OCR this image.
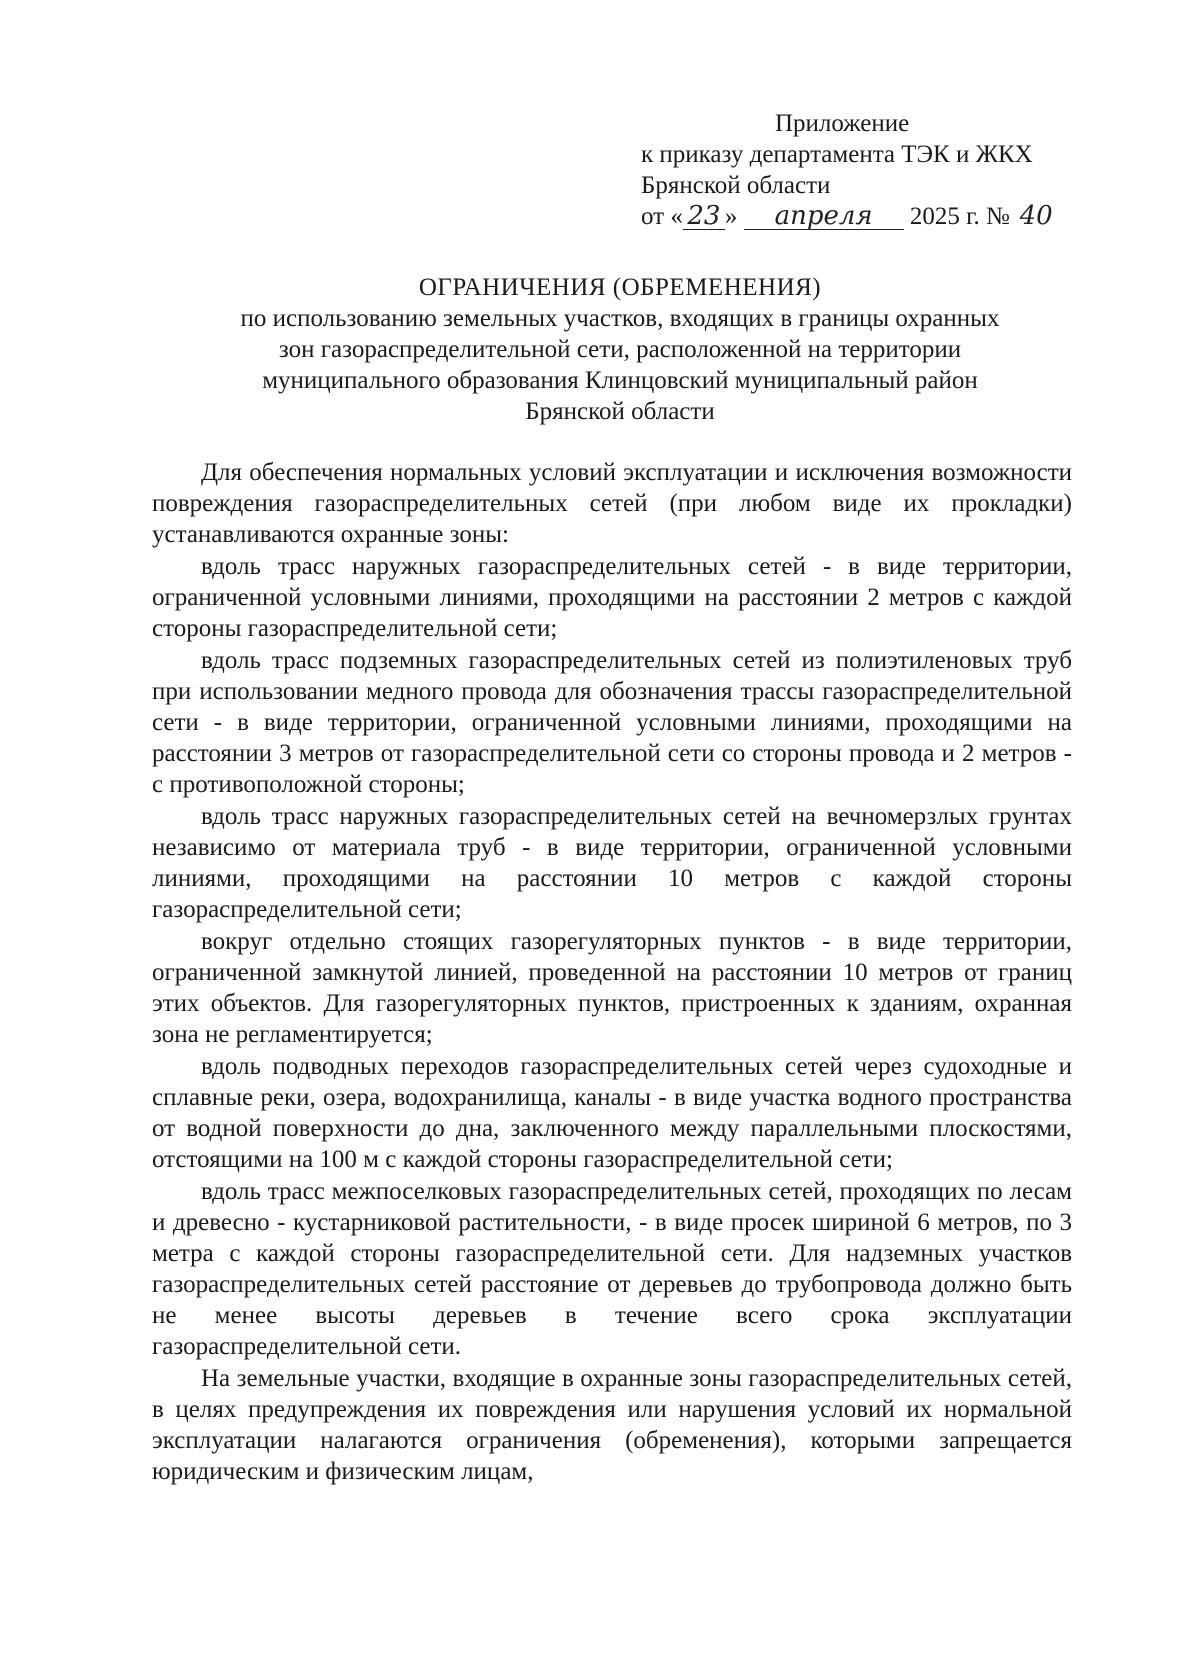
Приложение
к приказу департамента ТЭК и ЖКХ
Брянской области
от « 23 » апреля 2025 г. № 40
ОГРАНИЧЕНИЯ (ОБРЕМЕНЕНИЯ)
по использованию земельных участков, входящих в границы охранных
зон газораспределительной сети, расположенной на территории
муниципального образования Клинцовский муниципальный район
Брянской области

Для обеспечения нормальных условий эксплуатации и исключения возможности повреждения газораспределительных сетей (при любом виде их прокладки) устанавливаются охранные зоны:

вдоль трасс наружных газораспределительных сетей - в виде территории, ограниченной условными линиями, проходящими на расстоянии 2 метров с каждой стороны газораспределительной сети;

вдоль трасс подземных газораспределительных сетей из полиэтиленовых труб при использовании медного провода для обозначения трассы газораспределительной сети - в виде территории, ограниченной условными линиями, проходящими на расстоянии 3 метров от газораспределительной сети со стороны провода и 2 метров - с противоположной стороны;

вдоль трасс наружных газораспределительных сетей на вечномерзлых грунтах независимо от материала труб - в виде территории, ограниченной условными линиями, проходящими на расстоянии 10 метров с каждой стороны газораспределительной сети;

вокруг отдельно стоящих газорегуляторных пунктов - в виде территории, ограниченной замкнутой линией, проведенной на расстоянии 10 метров от границ этих объектов. Для газорегуляторных пунктов, пристроенных к зданиям, охранная зона не регламентируется;

вдоль подводных переходов газораспределительных сетей через судоходные и сплавные реки, озера, водохранилища, каналы - в виде участка водного пространства от водной поверхности до дна, заключенного между параллельными плоскостями, отстоящими на 100 м с каждой стороны газораспределительной сети;

вдоль трасс межпоселковых газораспределительных сетей, проходящих по лесам и древесно - кустарниковой растительности, - в виде просек шириной 6 метров, по 3 метра с каждой стороны газораспределительной сети. Для надземных участков газораспределительных сетей расстояние от деревьев до трубопровода должно быть не менее высоты деревьев в течение всего срока эксплуатации газораспределительной сети.

На земельные участки, входящие в охранные зоны газораспределительных сетей, в целях предупреждения их повреждения или нарушения условий их нормальной эксплуатации налагаются ограничения (обременения), которыми запрещается юридическим и физическим лицам,
